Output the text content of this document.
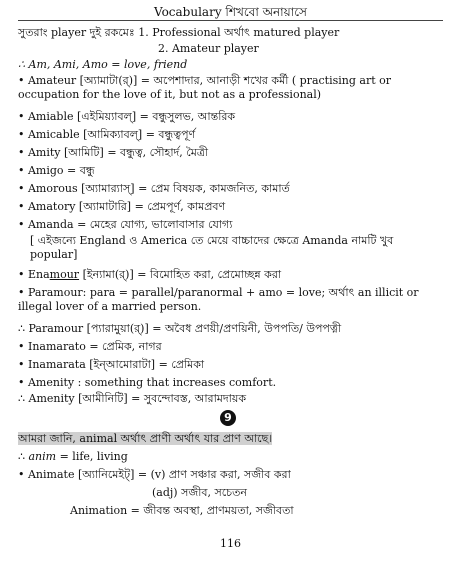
Vocabulary শিখবো অনায়াসে
সুতরাং player দুই রকমেঃ 1. Professional অর্থাৎ matured player
2. Amateur player
∴ Am, Ami, Amo = love, friend
• Amateur [অ্যামাটা(র্)] = অপেশাদার, আনাড়ী শখের কর্মী ( practising art or occupation for the love of it, but not as a professional)
• Amiable [এইমিয়্যাবল্] = বন্ধুসুলভ, আন্তরিক
• Amicable [আমিক্যাবল্] = বন্ধুত্বপূর্ণ
• Amity [আমিটি] = বন্ধুত্ব, সৌহার্দ, মৈত্রী
• Amigo = বন্ধু
• Amorous [অ্যামার‍্যাস্] = প্রেম বিষয়ক, কামজনিত, কামার্ত
• Amatory [অ্যামাটারি] = প্রেমপূর্ণ, কামপ্রবণ
• Amanda = মেহের যোগ্য, ভালোবাসার যোগ্য
[ এইজন্যে England ও America তে মেয়ে বাচ্চাদের ক্ষেত্রে Amanda নামটি খুব popular]
• Enamour [ইন্যামা(র্)] = বিমোহিত করা, প্রেমোচ্ছন্ন করা
• Paramour: para = parallel/paranormal + amo = love; অর্থাৎ an illicit or illegal lover of a married person.
∴ Paramour [প্যারামুয়া(র্)] = অবৈধ প্রণয়ী/প্রণয়িনী, উপপতি/ উপপত্নী
• Inamarato = প্রেমিক, নাগর
• Inamarata [ইন্‌আমোরাটা] = প্রেমিকা
• Amenity : something that increases comfort.
∴ Amenity [আমীনিটি] = সুবন্দোবস্ত, আরামদায়ক
9
আমরা জানি, animal অর্থাৎ প্রাণী অর্থাৎ যার প্রাণ আছে।
∴ anim = life, living
• Animate [অ্যানিমেইট্] = (v) প্রাণ সঞ্চার করা, সজীব করা
(adj) সজীব, সচেতন
Animation = জীবন্ত অবস্থা, প্রাণময়তা, সজীবতা
116
